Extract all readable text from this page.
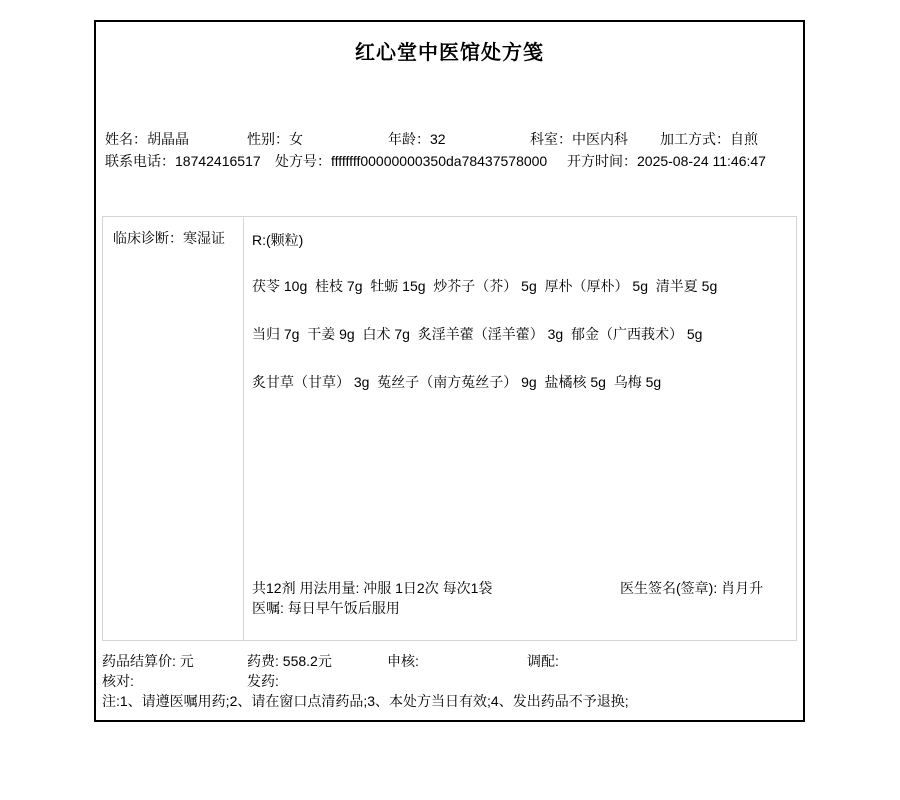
红心堂中医馆处方笺
姓名：胡晶晶	性别：女	年龄：32	科室：中医内科 加工方式：自煎
联系电话：18742416517 处方号：ffffffff00000000350da78437578000 开方时间：2025-08-24 11:46:47
临床诊断：寒湿证 R:(颗粒)
茯苓 10g  桂枝 7g  牡蛎 15g  炒芥子（芥） 5g  厚朴（厚朴） 5g  清半夏 5g
当归 7g  干姜 9g  白术 7g  炙淫羊藿（淫羊藿） 3g  郁金（广西莪术） 5g
炙甘草（甘草） 3g  菟丝子（南方菟丝子） 9g  盐橘核 5g  乌梅 5g
共12剂 用法用量: 冲服 1日2次 每次1袋	医生签名(签章): 肖月升
医嘱: 每日早午饭后服用
药品结算价: 元	药费: 558.2元	申核:	调配:
核对:	发药:
注:1、请遵医嘱用药;2、请在窗口点清药品;3、本处方当日有效;4、发出药品不予退换;
